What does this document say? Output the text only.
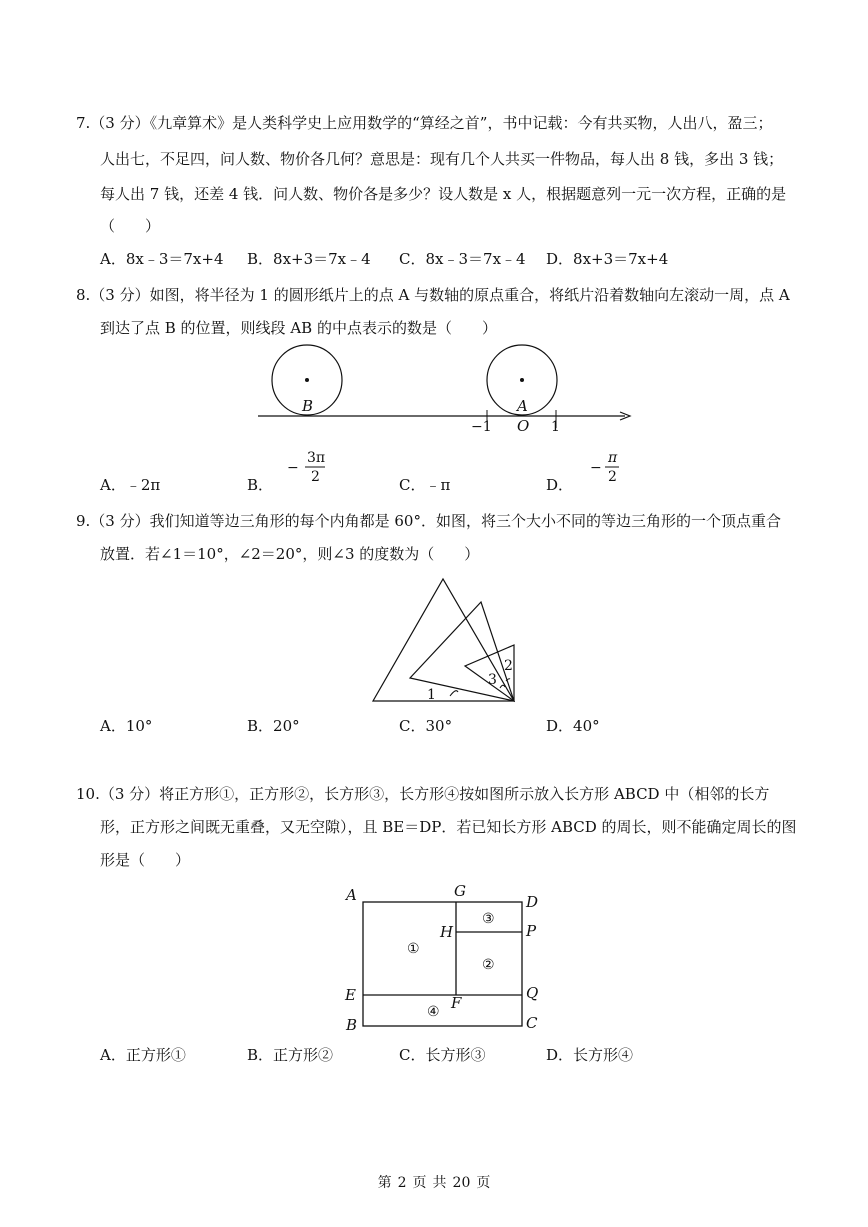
7.（3 分）《九章算术》是人类科学史上应用数学的“算经之首”，书中记载：今有共买物，人出八，盈三；
人出七，不足四，问人数、物价各几何？意思是：现有几个人共买一件物品，每人出 8 钱，多出 3 钱；
每人出 7 钱，还差 4 钱．问人数、物价各是多少？设人数是 x 人，根据题意列一元一次方程，正确的是
（　　）
A．8x﹣3＝7x+4 B．8x+3＝7x﹣4 C．8x﹣3＝7x﹣4 D．8x+3＝7x+4
8.（3 分）如图，将半径为 1 的圆形纸片上的点 A 与数轴的原点重合，将纸片沿着数轴向左滚动一周，点 A
到达了点 B 的位置，则线段 AB 的中点表示的数是（　　）
B	A
−1 O 1
A．﹣2π	B．
−
3π
2	C．﹣π	D．
−
π
2
9.（3 分）我们知道等边三角形的每个内角都是 60°．如图，将三个大小不同的等边三角形的一个顶点重合
放置．若∠1＝10°，∠2＝20°，则∠3 的度数为（　　）
1
2
3
A．10°	B．20°	C．30°	D．40°
10.（3 分）将正方形①，正方形②，长方形③，长方形④按如图所示放入长方形 ABCD 中（相邻的长方
形，正方形之间既无重叠，又无空隙），且 BE＝DP．若已知长方形 ABCD 的周长，则不能确定周长的图
形是（　　）
A	G
D
H	P
E	F
Q
B	C
①
③
②
④
A．正方形①	B．正方形②	C．长方形③	D．长方形④
第 2 页 共 20 页
